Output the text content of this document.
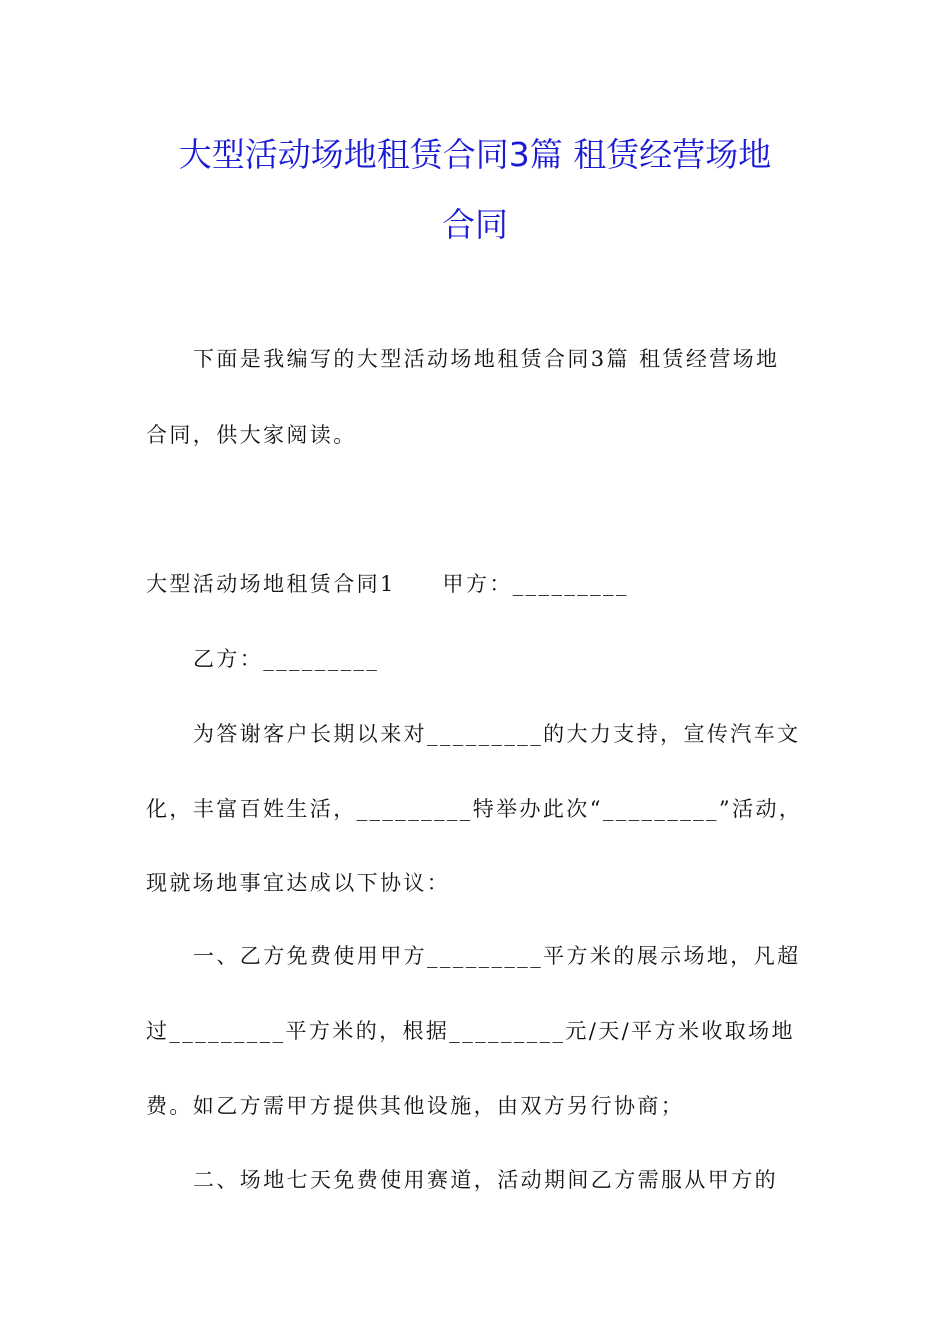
大型活动场地租赁合同3篇 租赁经营场地
合同
下面是我编写的大型活动场地租赁合同3篇 租赁经营场地
合同，供大家阅读。
大型活动场地租赁合同1　　甲方：_________
乙方：_________
为答谢客户长期以来对_________的大力支持，宣传汽车文
化，丰富百姓生活，_________特举办此次“_________”活动，
现就场地事宜达成以下协议：
一、乙方免费使用甲方_________平方米的展示场地，凡超
过_________平方米的，根据_________元/天/平方米收取场地
费。如乙方需甲方提供其他设施，由双方另行协商；
二、场地七天免费使用赛道，活动期间乙方需服从甲方的
